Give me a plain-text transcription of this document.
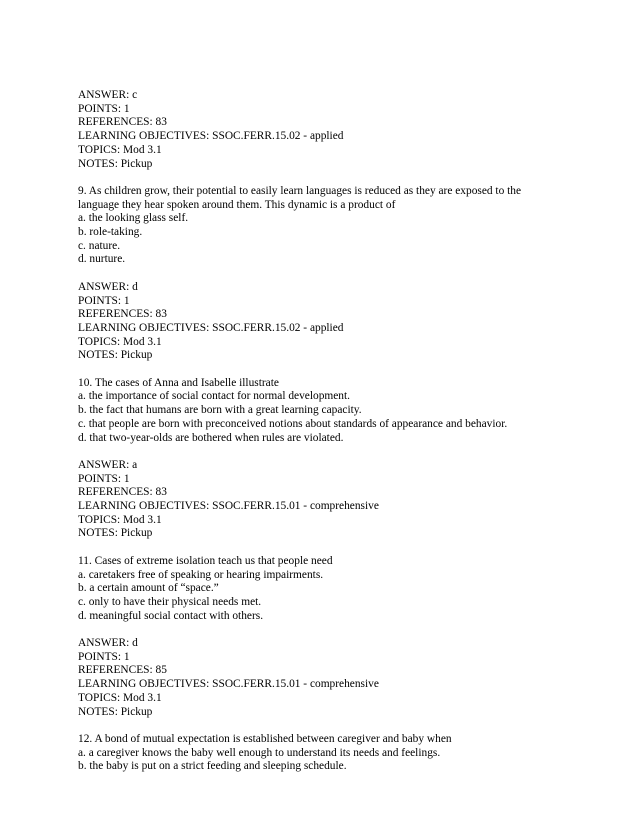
ANSWER: c
POINTS: 1
REFERENCES: 83
LEARNING OBJECTIVES: SSOC.FERR.15.02 - applied
TOPICS: Mod 3.1
NOTES: Pickup
9. As children grow, their potential to easily learn languages is reduced as they are exposed to the
language they hear spoken around them. This dynamic is a product of
a. the looking glass self.
b. role-taking.
c. nature.
d. nurture.
ANSWER: d
POINTS: 1
REFERENCES: 83
LEARNING OBJECTIVES: SSOC.FERR.15.02 - applied
TOPICS: Mod 3.1
NOTES: Pickup
10. The cases of Anna and Isabelle illustrate
a. the importance of social contact for normal development.
b. the fact that humans are born with a great learning capacity.
c. that people are born with preconceived notions about standards of appearance and behavior.
d. that two-year-olds are bothered when rules are violated.
ANSWER: a
POINTS: 1
REFERENCES: 83
LEARNING OBJECTIVES: SSOC.FERR.15.01 - comprehensive
TOPICS: Mod 3.1
NOTES: Pickup
11. Cases of extreme isolation teach us that people need
a. caretakers free of speaking or hearing impairments.
b. a certain amount of “space.”
c. only to have their physical needs met.
d. meaningful social contact with others.
ANSWER: d
POINTS: 1
REFERENCES: 85
LEARNING OBJECTIVES: SSOC.FERR.15.01 - comprehensive
TOPICS: Mod 3.1
NOTES: Pickup
12. A bond of mutual expectation is established between caregiver and baby when
a. a caregiver knows the baby well enough to understand its needs and feelings.
b. the baby is put on a strict feeding and sleeping schedule.
